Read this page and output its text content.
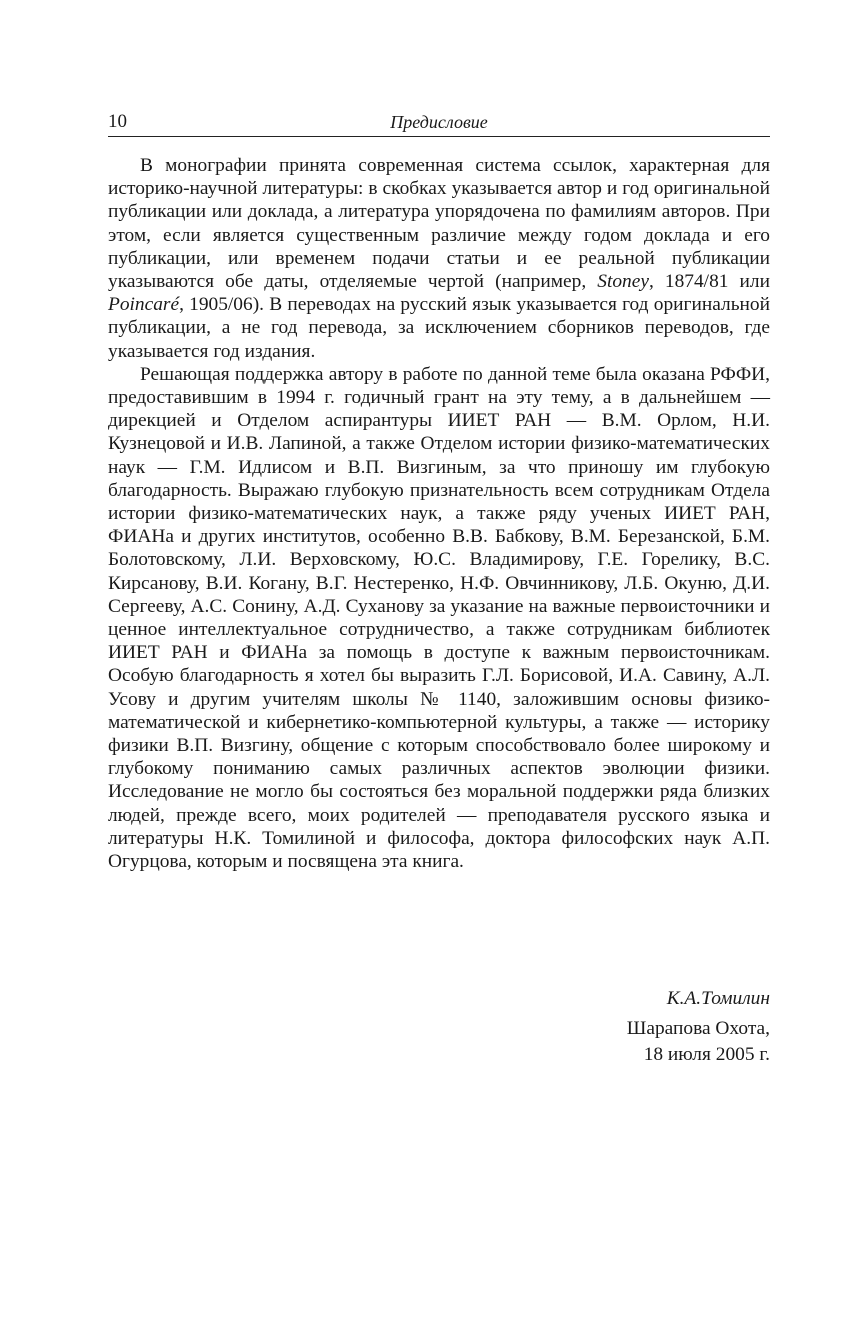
10	Предисловие

В монографии принята современная система ссылок, характерная для историко-научной литературы: в скобках указывается автор и год оригинальной публикации или доклада, а литература упорядочена по фамилиям авторов. При этом, если является существенным различие между годом доклада и его публикации, или временем подачи статьи и ее реальной публикации указываются обе даты, отделяемые чертой (например, Stoney, 1874/81 или Poincaré, 1905/06). В переводах на русский язык указывается год оригинальной публикации, а не год перевода, за исключением сборников переводов, где указывается год издания.

Решающая поддержка автору в работе по данной теме была оказана РФФИ, предоставившим в 1994 г. годичный грант на эту тему, а в дальнейшем — дирекцией и Отделом аспирантуры ИИЕТ РАН — В.М. Орлом, Н.И. Кузнецовой и И.В. Лапиной, а также Отделом истории физико-математических наук — Г.М. Идлисом и В.П. Визгиным, за что приношу им глубокую благодарность. Выражаю глубокую признательность всем сотрудникам Отдела истории физико-математических наук, а также ряду ученых ИИЕТ РАН, ФИАНа и других институтов, особенно В.В. Бабкову, В.М. Березанской, Б.М. Болотовскому, Л.И. Верховскому, Ю.С. Владимирову, Г.Е. Горелику, В.С. Кирсанову, В.И. Когану, В.Г. Нестеренко, Н.Ф. Овчинникову, Л.Б. Окуню, Д.И. Сергееву, А.С. Сонину, А.Д. Суханову за указание на важные первоисточники и ценное интеллектуальное сотрудничество, а также сотрудникам библиотек ИИЕТ РАН и ФИАНа за помощь в доступе к важным первоисточникам. Особую благодарность я хотел бы выразить Г.Л. Борисовой, И.А. Савину, А.Л. Усову и другим учителям школы № 1140, заложившим основы физико-математической и кибернетико-компьютерной культуры, а также — историку физики В.П. Визгину, общение с которым способствовало более широкому и глубокому пониманию самых различных аспектов эволюции физики. Исследование не могло бы состояться без моральной поддержки ряда близких людей, прежде всего, моих родителей — преподавателя русского языка и литературы Н.К. Томилиной и философа, доктора философских наук А.П. Огурцова, которым и посвящена эта книга.

К.А.Томилин
Шарапова Охота,
18 июля 2005 г.
